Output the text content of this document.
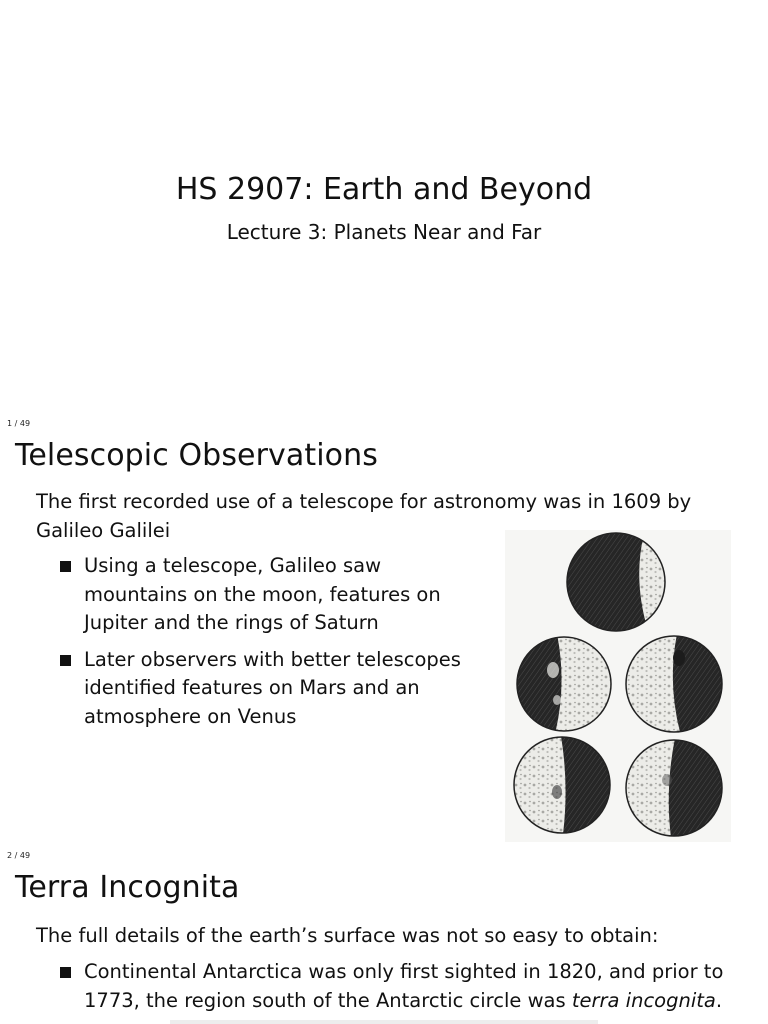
HS 2907: Earth and Beyond

Lecture 3: Planets Near and Far

1 / 49
Telescopic Observations

The first recorded use of a telescope for astronomy was in 1609 by Galileo Galilei

Using a telescope, Galileo saw mountains on the moon, features on Jupiter and the rings of Saturn
Later observers with better telescopes identified features on Mars and an atmosphere on Venus
2 / 49
Terra Incognita

The full details of the earth’s surface was not so easy to obtain:

Continental Antarctica was only first sighted in 1820, and prior to 1773, the region south of the Antarctic circle was terra incognita.
